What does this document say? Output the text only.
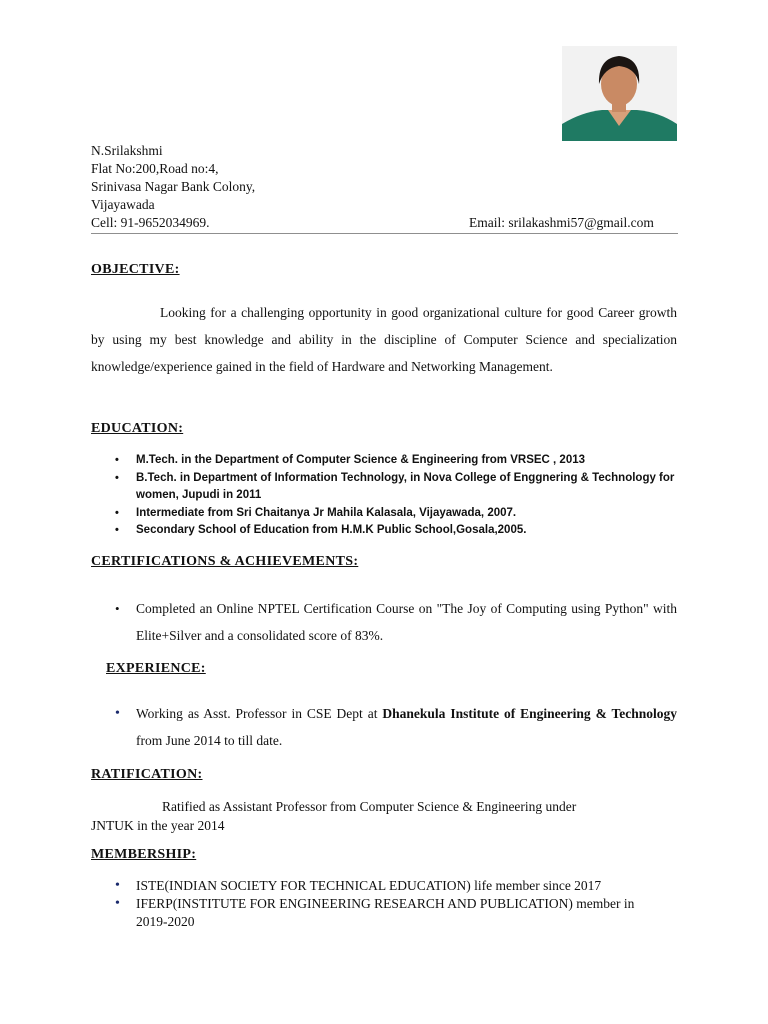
N.Srilakshmi
Flat No:200,Road no:4,
Srinivasa Nagar Bank Colony,
Vijayawada
Cell: 91-9652034969.	Email: srilakashmi57@gmail.com
OBJECTIVE:
Looking for a challenging opportunity in good organizational culture for good Career growth by using my best knowledge and ability in the discipline of Computer Science and specialization knowledge/experience gained in the field of Hardware and Networking Management.
EDUCATION:
• M.Tech. in the Department of Computer Science & Engineering from VRSEC , 2013
• B.Tech. in Department of Information Technology, in Nova College of Enggnering & Technology for women, Jupudi in 2011
• Intermediate from Sri Chaitanya Jr Mahila Kalasala, Vijayawada, 2007.
• Secondary School of Education from H.M.K Public School,Gosala,2005.
CERTIFICATIONS & ACHIEVEMENTS:
• Completed an Online NPTEL Certification Course on "The Joy of Computing using Python" with Elite+Silver and a consolidated score of 83%.
EXPERIENCE:
Working as Asst. Professor in CSE Dept at Dhanekula Institute of Engineering & Technology from June 2014 to till date.
•
RATIFICATION:
Ratified as Assistant Professor from Computer Science & Engineering under
JNTUK in the year 2014
MEMBERSHIP:
• ISTE(INDIAN SOCIETY FOR TECHNICAL EDUCATION) life member since 2017
• IFERP(INSTITUTE FOR ENGINEERING RESEARCH AND PUBLICATION) member in 2019-2020
